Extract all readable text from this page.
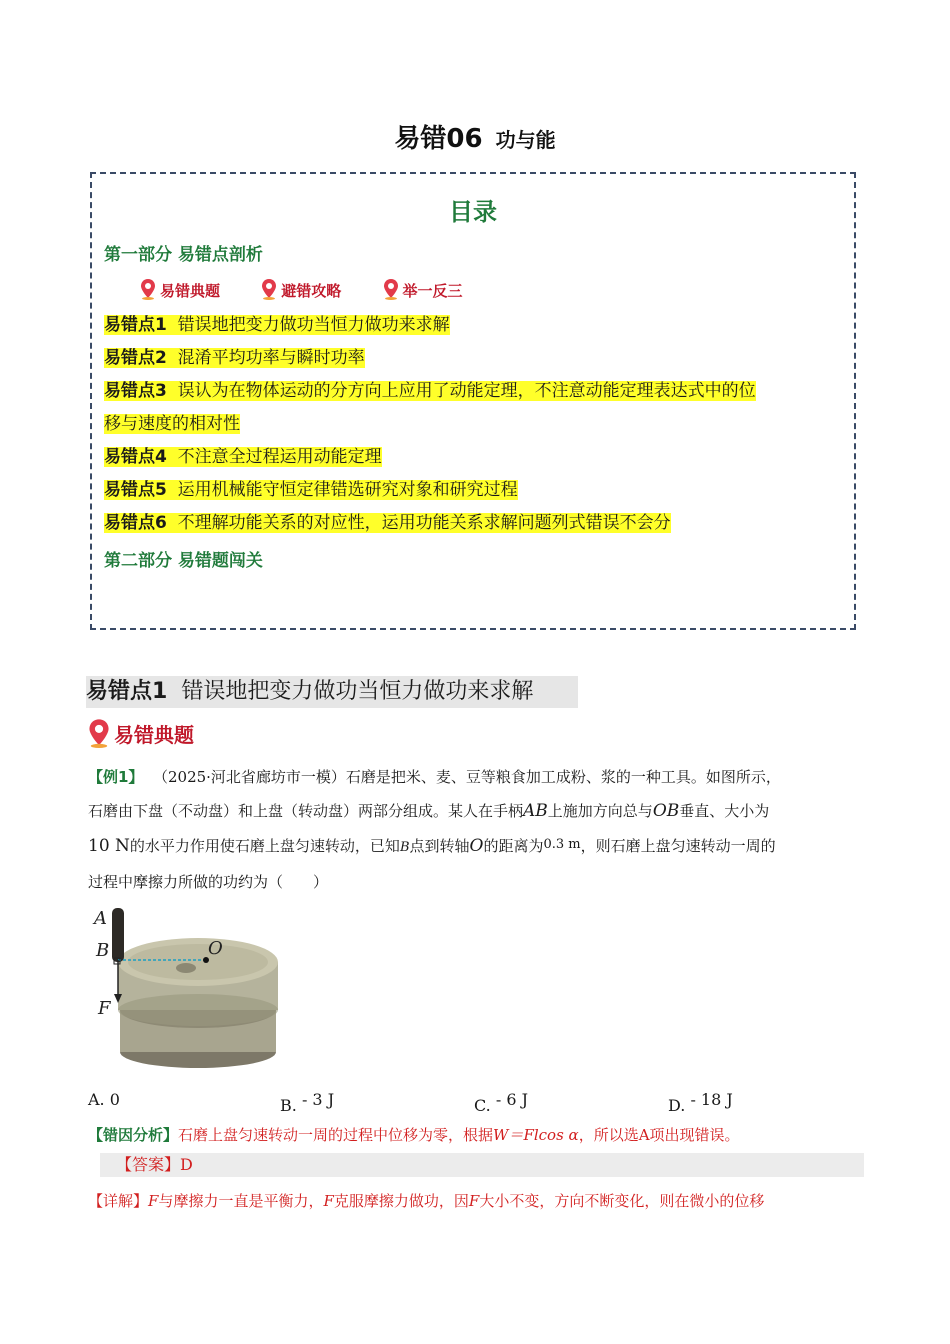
易错06 功与能
目录
第一部分 易错点剖析
易错典题	避错攻略	举一反三
易错点1 错误地把变力做功当恒力做功来求解
易错点2 混淆平均功率与瞬时功率
易错点3 误认为在物体运动的分方向上应用了动能定理，不注意动能定理表达式中的位
移与速度的相对性
易错点4 不注意全过程运用动能定理
易错点5 运用机械能守恒定律错选研究对象和研究过程
易错点6 不理解功能关系的对应性，运用功能关系求解问题列式错误不会分
第二部分 易错题闯关
易错点1 错误地把变力做功当恒力做功来求解
易错典题
【例1】 （2025·河北省廊坊市一模）石磨是把米、麦、豆等粮食加工成粉、浆的一种工具。如图所示，
石磨由下盘（不动盘）和上盘（转动盘）两部分组成。某人在手柄AB上施加方向总与OB垂直、大小为
10 N的水平力作用使石磨上盘匀速转动，已知B点到转轴O的距离为0.3 m，则石磨上盘匀速转动一周的
过程中摩擦力所做的功约为（　　）
A
B	O
F
A. 0	B. - 3 J	C. - 6 J	D. - 18 J
【错因分析】石磨上盘匀速转动一周的过程中位移为零，根据W＝Flcos α，所以选A项出现错误。
【答案】D
【详解】F与摩擦力一直是平衡力，F克服摩擦力做功，因F大小不变，方向不断变化，则在微小的位移
